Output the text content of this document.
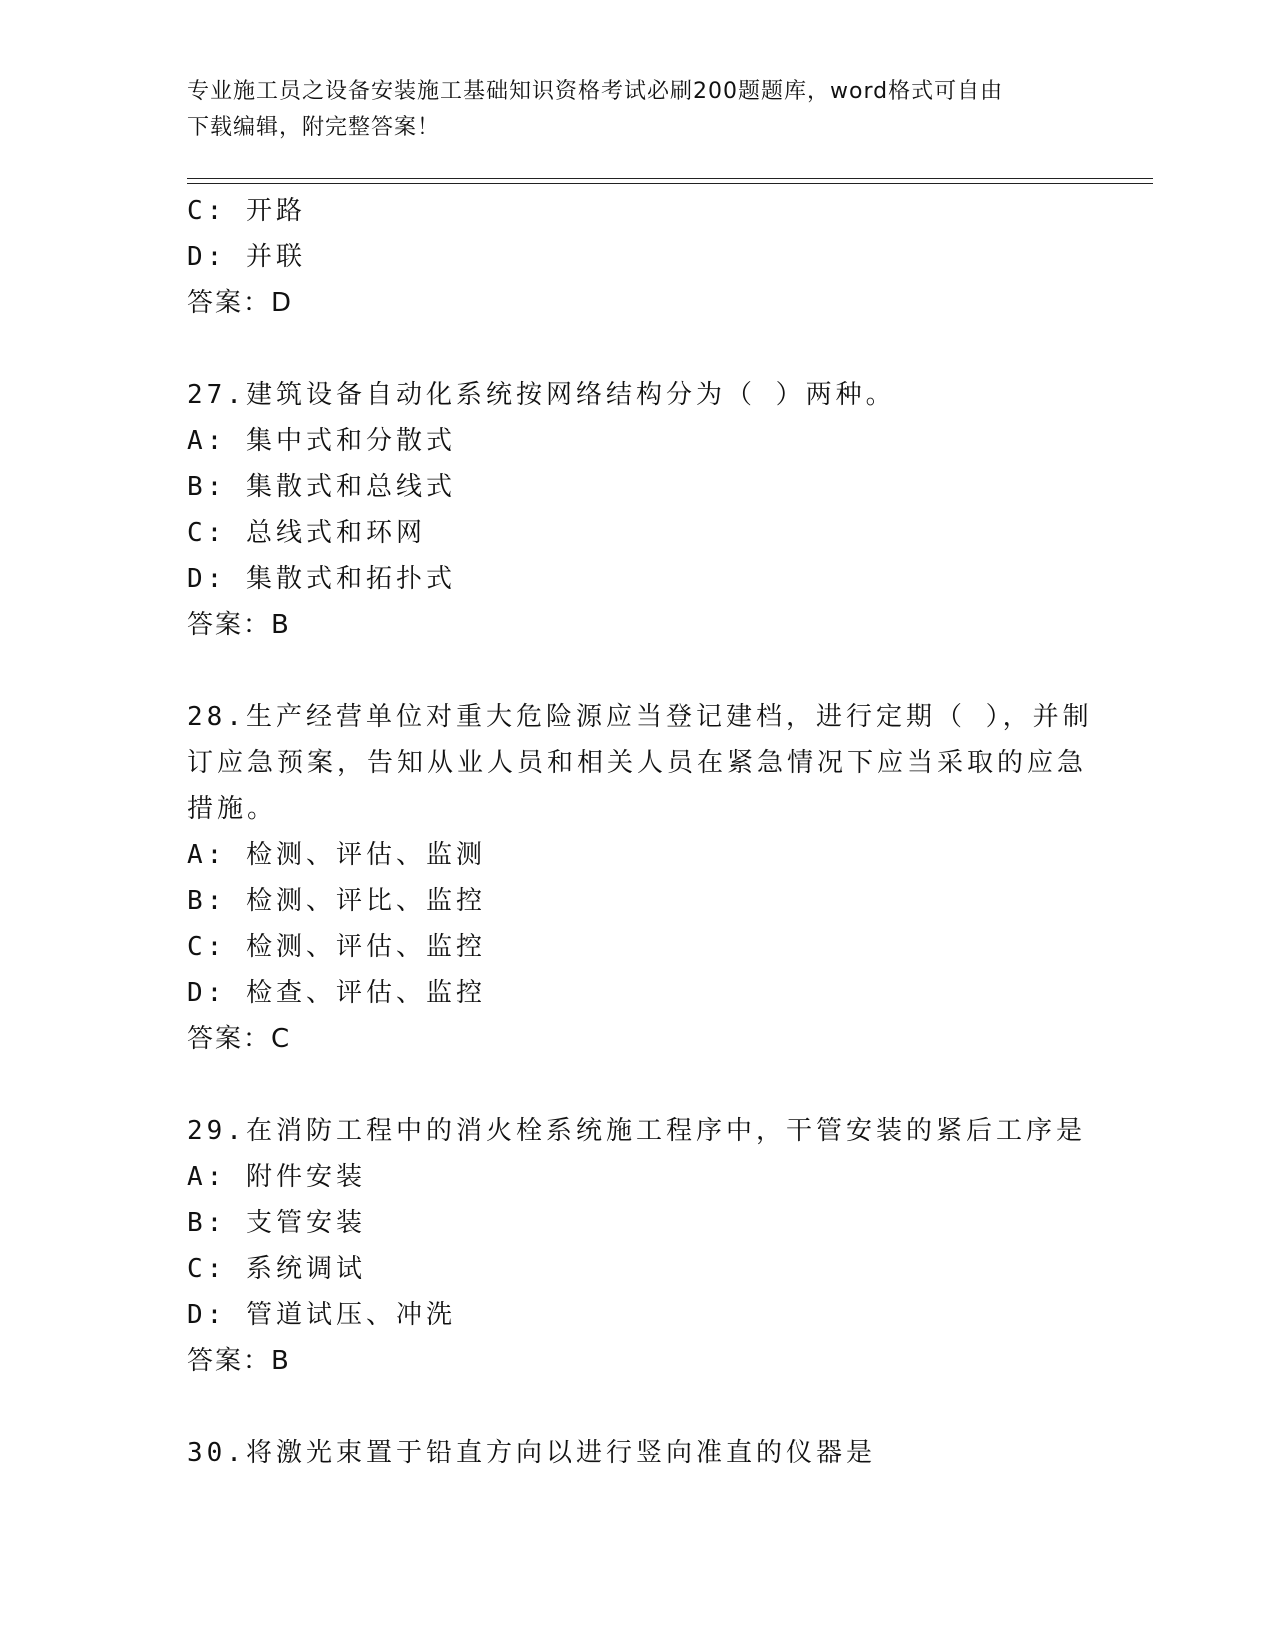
专业施工员之设备安装施工基础知识资格考试必刷200题题库，word格式可自由
下载编辑，附完整答案！
C: 开路
D: 并联
答案：D
27.建筑设备自动化系统按网络结构分为（ ）两种。
A: 集中式和分散式
B: 集散式和总线式
C: 总线式和环网
D: 集散式和拓扑式
答案：B
28.生产经营单位对重大危险源应当登记建档，进行定期（ ），并制
订应急预案，告知从业人员和相关人员在紧急情况下应当采取的应急
措施。
A: 检测、评估、监测
B: 检测、评比、监控
C: 检测、评估、监控
D: 检查、评估、监控
答案：C
29.在消防工程中的消火栓系统施工程序中，干管安装的紧后工序是
A: 附件安装
B: 支管安装
C: 系统调试
D: 管道试压、冲洗
答案：B
30.将激光束置于铅直方向以进行竖向准直的仪器是
